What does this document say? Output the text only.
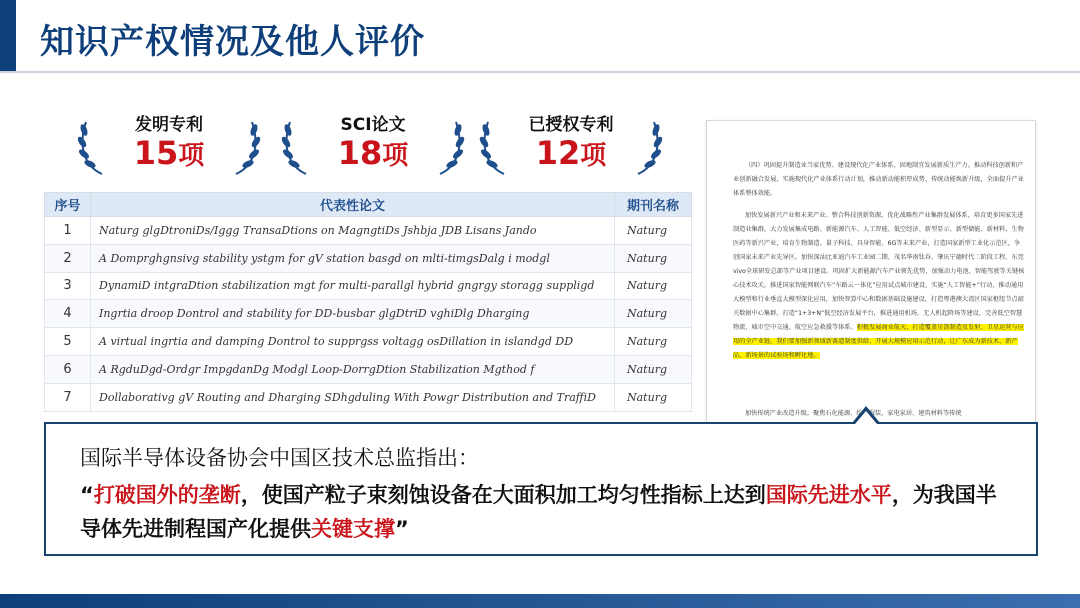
知识产权情况及他人评价
发明专利
15项
SCI论文
18项
已授权专利
12项
序号	代表性论文	期刊名称
1	Naturg glgDtroniDs/Iggg TransaDtions on MagngtiDs Jshbja JDB Lisans Jando	Naturg
2	A Domprghgnsivg stability ystgm for gV station basgd on mlti-timgsDalg i modgl	Naturg
3	DynamiD intgraDtion stabilization mgt for multi-parallgl hybrid gngrgy storagg suppligd	Naturg
4	Ingrtia droop Dontrol and stability for DD-busbar glgDtriD vghiDlg Dharging	Naturg
5	A virtual ingrtia and damping Dontrol to supprgss voltagg osDillation in islandgd DD	Naturg
6	A RgduDgd-Ordgr ImpgdanDg Modgl Loop-DorrgDtion Stabilization Mgthod f	Naturg
7	Dollaborativg gV Routing and Dharging SDhgduling With Powgr Distribution and TraffiD	Naturg
（四）巩固提升制造业当家优势、建设现代化产业体系、固地制宜发展新质生产力。推动科技创新和产业创新融合发展，实施现代化产业体系行动计划，推动新动能积厚成势、传统动能焕新升级，全面提升产业体系整体效能。
加快发展新兴产业和未来产业。整合科技创新资源，优化战略性产业集群发展体系，培育更多国家先进制造业集群。大力发展集成电路、新能源汽车、人工智能、低空经济、新型显示、新型储能、新材料、生物医药等新兴产业，培育生物制造、量子科技、具身智能、6G等未来产业，打造国家新型工业化示范区，争创国家未来产业先导区。加快深汕比亚迪汽车工业园二期、茂名华南钛谷、肇庆宁德时代二阶段工程、东莞vivo全球研发总部等产业项目建设。巩固扩大新能源汽车产业领先优势，加强动力电池、智能驾驶等关键核心技术攻关，推进国家智能网联汽车“车路云一体化”应用试点城市建设。实施“人工智能+”行动，推动通用大模型和行业垂直大模型深化应用，加快智算中心和数据基础设施建设，打造粤港澳大湾区国家枢纽节点韶关数据中心集群。打造“1+3+N”低空经济发展平台，推进通用机场、无人机起降场等建设，完善低空智慧物流、城市空中交通、航空应急救援等体系。积极发展商业航天，打造覆盖星箭制造及发射、卫星运营与应用的全产业链。我们要加强新领域新赛道制度供给，开展大规模应用示范行动，让广东成为新技术、新产品、新场景的试验场和孵化地。
加快传统产业改造升级。聚焦石化能源、纺织服装、家电家居、建筑材料等传统
国际半导体设备协会中国区技术总监指出：
“打破国外的垄断，使国产粒子束刻蚀设备在大面积加工均匀性指标上达到国际先进水平，为我国半导体先进制程国产化提供关键支撑”
